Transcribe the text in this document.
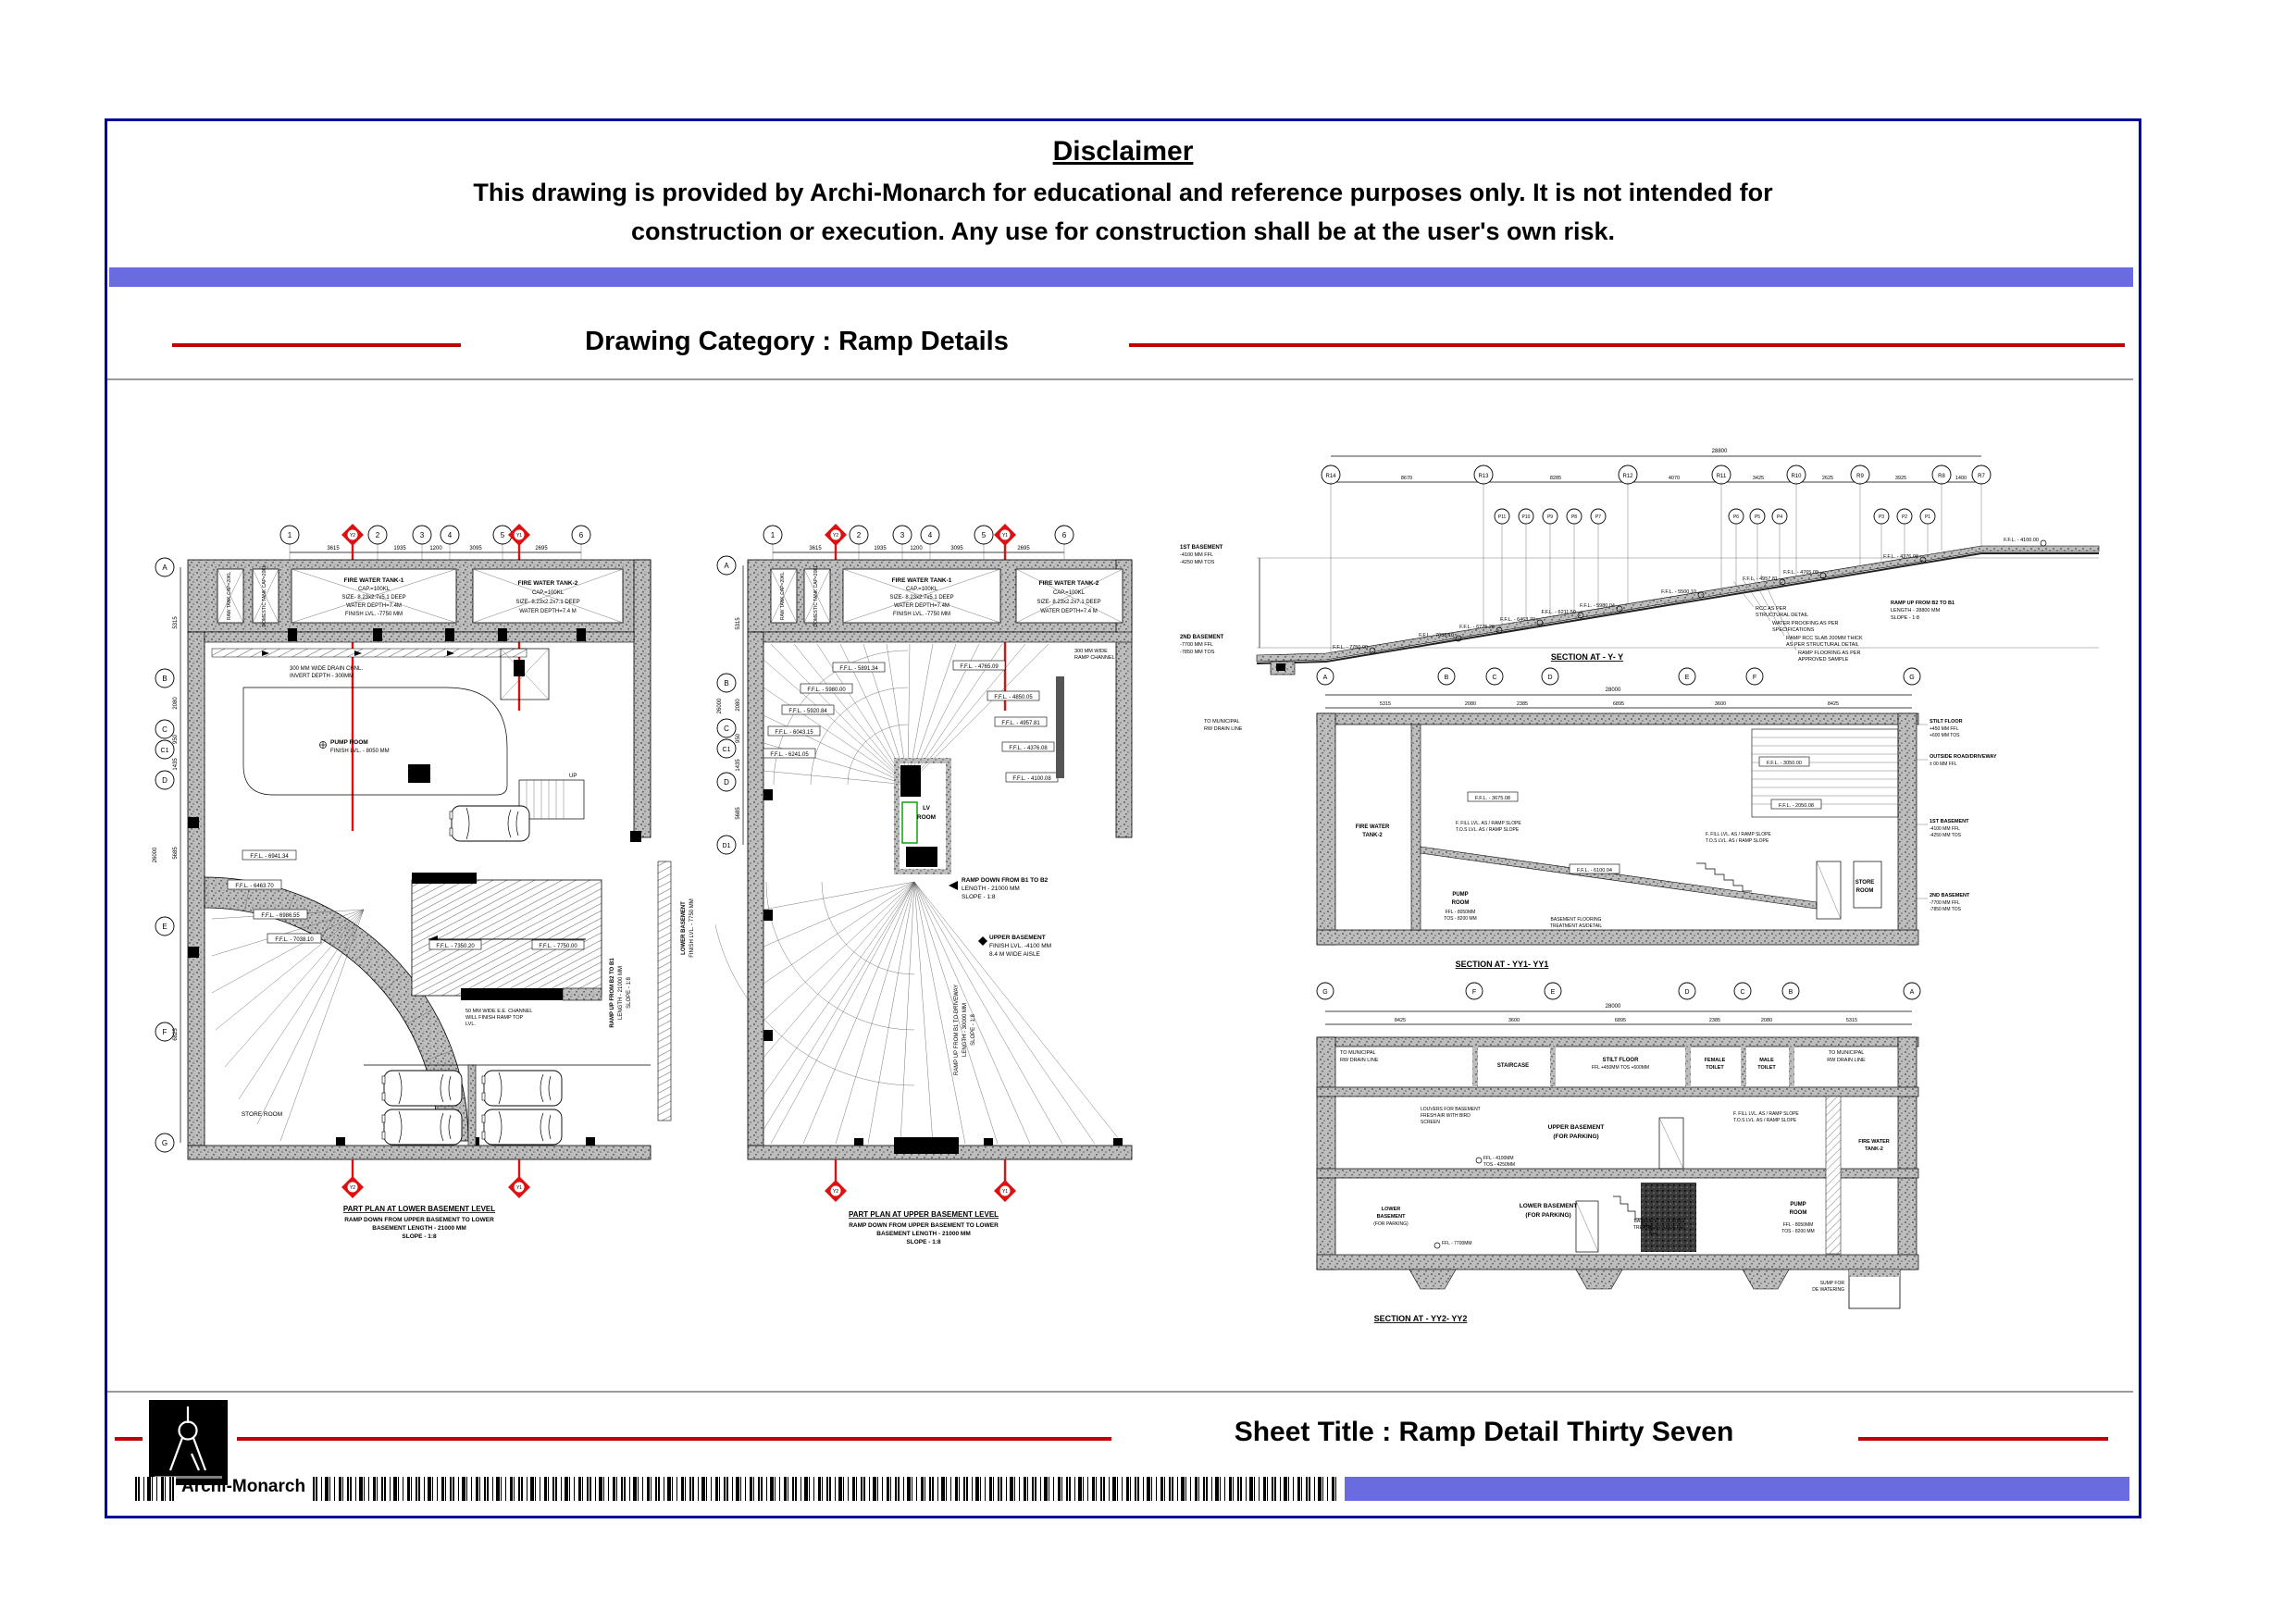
Disclaimer
This drawing is provided by Archi-Monarch for educational and reference purposes only. It is not intended for
construction or execution. Any use for construction shall be at the user's own risk.
Drawing Category : Ramp Details
1	2	3	4	5	6
3615	1935	1200	3095	2695
Y2	Y1
RAW TANK CAP=20KL	DOMESTIC TANK CAP=20KL	FIRE WATER TANK-1
CAP.=100KL
SIZE- 8.23x2.7x5.1 DEEP
WATER DEPTH=7.4M
FINISH LVL. -7750 MM
FIRE WATER TANK-2
CAP.=100KL
SIZE- 8.23x2.2x7.1 DEEP
WATER DEPTH=7.4 M
A
B
C
C1
D
E
F
G
5315
2080
950
1435
5685
6825
26000
300 MM WIDE DRAIN CHNL.
INVERT DEPTH - 300MM
PUMP ROOM
FINISH LVL. - 8050 MM
UP
F.F.L. - 7350.20	F.F.L. - 7750.00
50 MM WIDE E.E. CHANNEL
WILL FINISH RAMP TOP
LVL.
F.F.L. - 6941.34
F.F.L. - 6463.70
F.F.L. - 6986.55
F.F.L. - 7038.10
RAMP UP FROM B2 TO B1 LENGTH - 21000 MM SLOPE - 1:8
LOWER BASEMENT FINISH LVL. - 7750 MM
STORE ROOM
Y2	Y1
PART PLAN AT LOWER BASEMENT LEVEL
RAMP DOWN FROM UPPER BASEMENT TO LOWER
BASEMENT LENGTH - 21000 MM
SLOPE - 1:8
1	2	3	4	5	6
3615	1935	1200	3095	2695
Y2	Y1
RAW TANK CAP=20KL	DOMESTIC TANK CAP=20KL	FIRE WATER TANK-1
CAP.=100KL
SIZE- 8.23x2.7x5.1 DEEP
WATER DEPTH=7.4M
FINISH LVL. -7750 MM
FIRE WATER TANK-2
CAP.=100KL
SIZE- 8.23x2.2x7.1 DEEP
WATER DEPTH=7.4 M
A
B
C
C1
D
D1
5315
2080
950
1435
5685
26000
F.F.L. - 5891.34	F.F.L. - 4765.09
F.F.L. - 5980.00
F.F.L. - 4850.05
F.F.L. - 5920.84
F.F.L. - 4957.81
F.F.L. - 6043.15
F.F.L. - 4376.08
F.F.L. - 6241.05
F.F.L. - 4100.08
LV
ROOM
RAMP DOWN FROM B1 TO B2
LENGTH - 21000 MM
SLOPE - 1:8
UPPER BASEMENT
FINISH LVL. -4100 MM
8.4 M WIDE AISLE
RAMP UP FROM B1 TO DRIVEWAY LENGTH - 30000 MM SLOPE - 1:8
300 MM WIDE
RAMP CHANNEL
Y2	Y1
PART PLAN AT UPPER BASEMENT LEVEL
RAMP DOWN FROM UPPER BASEMENT TO LOWER
BASEMENT LENGTH - 21000 MM
SLOPE - 1:8
28800
R14	R13	R12	R11	R10	R9	R8	R7
8670	8285	4070	3425	2625	3925	1400
P11	P10	P9	P8	P7	P6	P5	P4	P3	P2	P1
1ST BASEMENT
-4100 MM FFL
-4250 MM TOS
2ND BASEMENT
-7700 MM FFL
-7850 MM TOS
F.F.L. - 7750.00
F.F.L. - 7038.10
F.F.L. - 6775.20
F.F.L. - 6463.70
F.F.L. - 6211.50
F.F.L. - 5980.04
F.F.L. - 5500.10
F.F.L. - 4957.81
F.F.L. - 4765.09
F.F.L. - 4376.08
F.F.L. - 4100.00
RAMP UP FROM B2 TO B1
LENGTH - 28800 MM
SLOPE - 1:8
RCC AS PER
STRUCTURAL DETAIL
WATER PROOFING AS PER
SPECIFICATIONS
RAMP RCC SLAB 200MM THICK
AS PER STRUCTURAL DETAIL
RAMP FLOORING AS PER
APPROVED SAMPLE
SECTION AT - Y- Y
A	B	C	D	E	F	G
28000
5315	2080	2385	6895	3600	8425
TO MUNICIPAL
RW DRAIN LINE
FIRE WATER
TANK-2
PUMP
ROOM
FFL - 8050MM
TOS - 8200 MM
STORE
ROOM
F.F.L. - 3675.08
F.F.L. - 6100.04
F.F.L. - 3050.00
F.F.L. - 2050.08
F. FILL LVL. AS / RAMP SLOPE
T.O.S LVL. AS / RAMP SLOPE
F. FILL LVL. AS / RAMP SLOPE
T.O.S LVL. AS / RAMP SLOPE
BASEMENT FLOORING
TREATMENT AS/DETAIL
STILT FLOOR
+450 MM FFL
+600 MM TOS
OUTSIDE ROAD/DRIVEWAY
± 00 MM FFL
1ST BASEMENT
-4100 MM FFL
-4250 MM TOS
2ND BASEMENT
-7700 MM FFL
-7850 MM TOS
SECTION AT - YY1- YY1
G	F	E	D	C	B	A
28000
8425	3600	6895	2385	2080	5315
TO MUNICIPAL
RW DRAIN LINE
STAIRCASE
STILT FLOOR
FFL +450MM TOS +600MM
FEMALE
TOILET
MALE
TOILET
TO MUNICIPAL
RW DRAIN LINE
UPPER BASEMENT
(FOR PARKING)
LOUVERS FOR BASEMENT
FRESH AIR WITH BIRD
SCREEN
F. FILL LVL. AS / RAMP SLOPE
T.O.S LVL. AS / RAMP SLOPE
FIRE WATER
TANK-2
FFL - 4100MM
TOS - 4250MM
LOWER
BASEMENT
(FOR PARKING)
LOWER BASEMENT
(FOR PARKING)
PUMP
ROOM
FFL - 8050MM
TOS - 8200 MM
BASEMENT FLOORING
TREATMENT AS/DETAIL
FFL - 7700MM
SUMP FOR
DE WATERING
SECTION AT - YY2- YY2
Sheet Title : Ramp Detail Thirty Seven
Archi-Monarch
